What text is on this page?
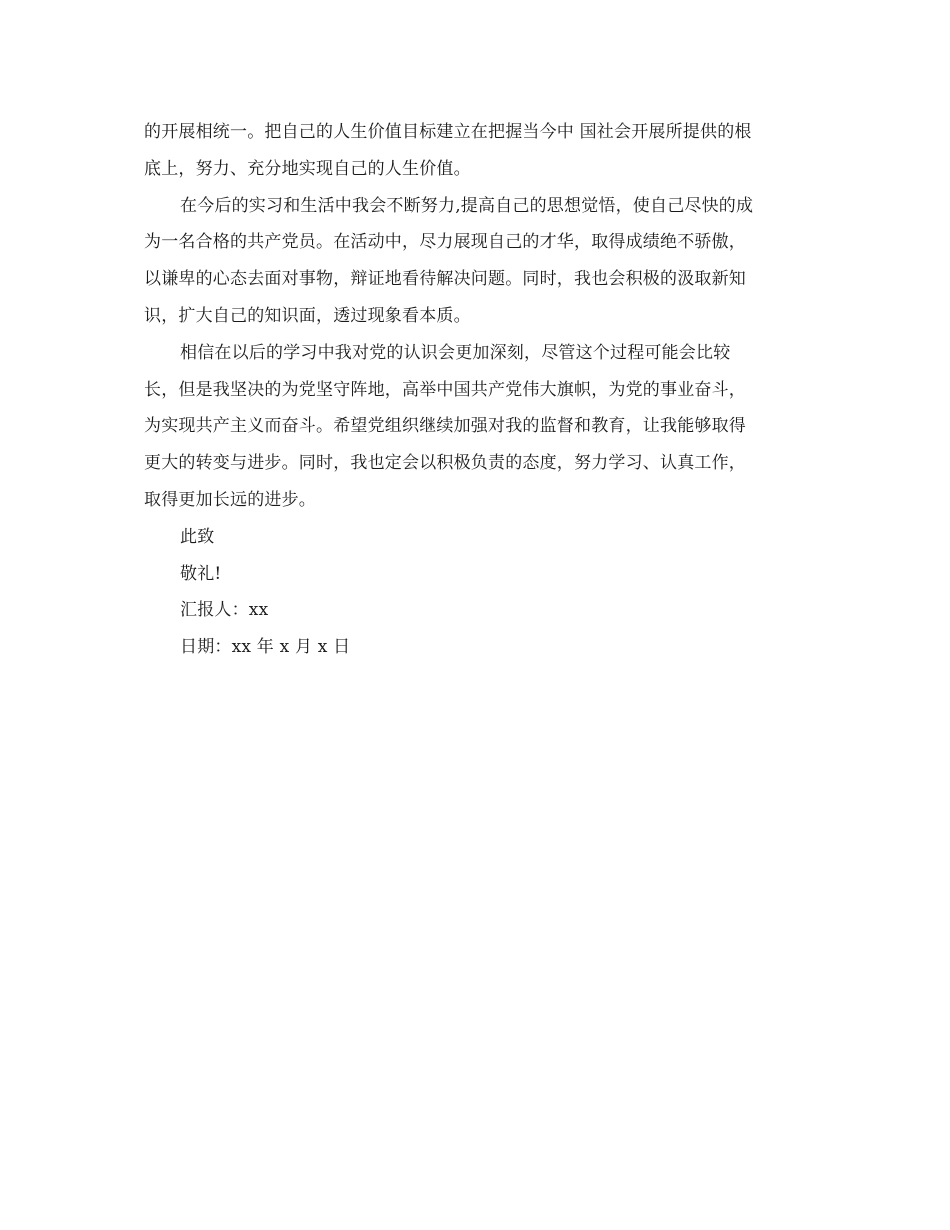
的开展相统一。把自己的人生价值目标建立在把握当今中 国社会开展所提供的根
底上，努力、充分地实现自己的人生价值。
在今后的实习和生活中我会不断努力,提高自己的思想觉悟，使自己尽快的成
为一名合格的共产党员。在活动中，尽力展现自己的才华，取得成绩绝不骄傲，
以谦卑的心态去面对事物，辩证地看待解决问题。同时，我也会积极的汲取新知
识，扩大自己的知识面，透过现象看本质。
相信在以后的学习中我对党的认识会更加深刻，尽管这个过程可能会比较
长，但是我坚决的为党坚守阵地，高举中国共产党伟大旗帜，为党的事业奋斗，
为实现共产主义而奋斗。希望党组织继续加强对我的监督和教育，让我能够取得
更大的转变与进步。同时，我也定会以积极负责的态度，努力学习、认真工作，
取得更加长远的进步。
此致
敬礼!
汇报人：xx
日期：xx 年 x 月 x 日
